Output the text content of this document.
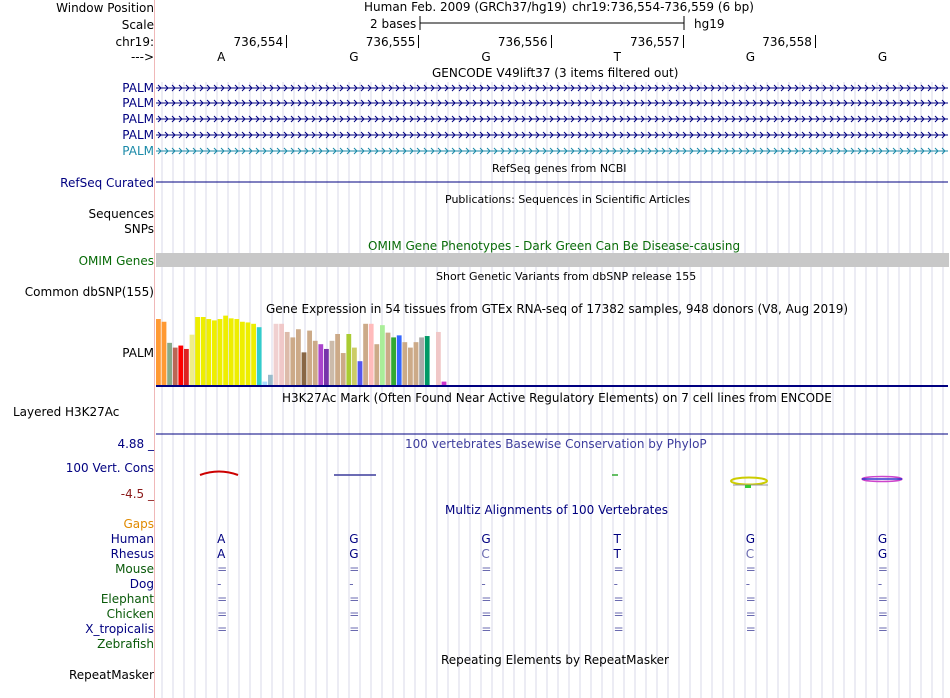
Window Position
Scale
chr19:
--->
Human Feb. 2009 (GRCh37/hg19) chr19:736,554-736,559 (6 bp)
2 bases	hg19
736,554	736,555	736,556	736,557	736,558
A	G	G	T	G	G
GENCODE V49lift37 (3 items filtered out)
PALM
PALM
PALM
PALM
PALM
RefSeq genes from NCBI
RefSeq Curated
Publications: Sequences in Scientific Articles
Sequences
SNPs
OMIM Gene Phenotypes - Dark Green Can Be Disease-causing
OMIM Genes
Short Genetic Variants from dbSNP release 155
Common dbSNP(155)
Gene Expression in 54 tissues from GTEx RNA-seq of 17382 samples, 948 donors (V8, Aug 2019)
PALM
H3K27Ac Mark (Often Found Near Active Regulatory Elements) on 7 cell lines from ENCODE
Layered H3K27Ac
100 vertebrates Basewise Conservation by PhyloP
4.88 _
100 Vert. Cons
-4.5 _
Multiz Alignments of 100 Vertebrates
Gaps
Human	A	G	G	T	G	G
Rhesus	A	G	C	T	C	G
Mouse	=	=	=	=	=	=
Dog	-	-	-	-	-	-
Elephant	=	=	=	=	=	=
Chicken	=	=	=	=	=	=
X_tropicalis	=	=	=	=	=	=
Zebrafish
Repeating Elements by RepeatMasker
RepeatMasker
